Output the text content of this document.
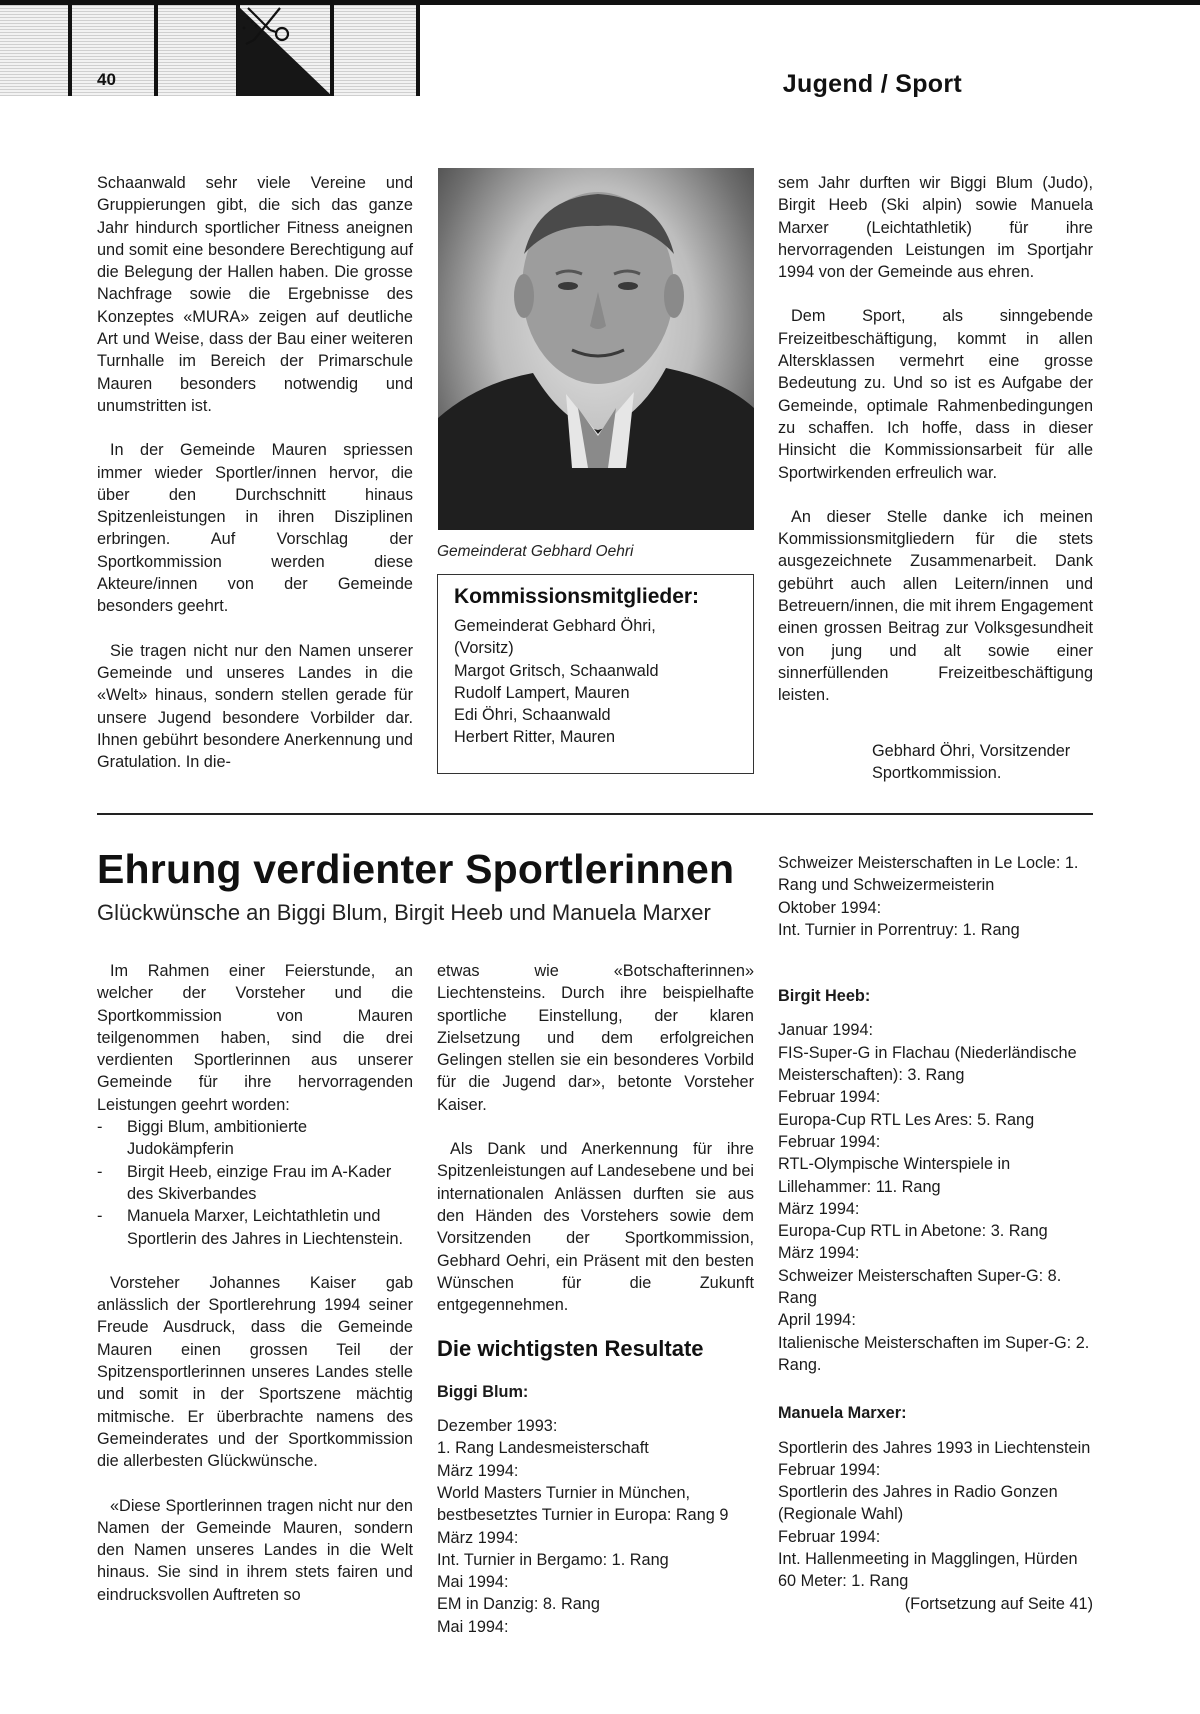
40	Jugend / Sport

Schaanwald sehr viele Vereine und Gruppierungen gibt, die sich das ganze Jahr hindurch sportlicher Fitness aneignen und somit eine besondere Berechtigung auf die Belegung der Hallen haben. Die grosse Nachfrage sowie die Ergebnisse des Konzeptes «MURA» zeigen auf deutliche Art und Weise, dass der Bau einer weiteren Turnhalle im Bereich der Primarschule Mauren besonders notwendig und unumstritten ist.

In der Gemeinde Mauren spriessen immer wieder Sportler/innen hervor, die über den Durchschnitt hinaus Spitzenleistungen in ihren Disziplinen erbringen. Auf Vorschlag der Sportkommission werden diese Akteure/innen von der Gemeinde besonders geehrt.

Sie tragen nicht nur den Namen unserer Gemeinde und unseres Landes in die «Welt» hinaus, sondern stellen gerade für unsere Jugend besondere Vorbilder dar. Ihnen gebührt besondere Anerkennung und Gratulation. In die-

Gemeinderat Gebhard Oehri
Kommissionsmitglieder:
Gemeinderat Gebhard Öhri,
(Vorsitz)
Margot Gritsch, Schaanwald
Rudolf Lampert, Mauren
Edi Öhri, Schaanwald
Herbert Ritter, Mauren

sem Jahr durften wir Biggi Blum (Judo), Birgit Heeb (Ski alpin) sowie Manuela Marxer (Leichtathletik) für ihre hervorragenden Leistungen im Sportjahr 1994 von der Gemeinde aus ehren.

Dem Sport, als sinngebende Freizeitbeschäftigung, kommt in allen Altersklassen vermehrt eine grosse Bedeutung zu. Und so ist es Aufgabe der Gemeinde, optimale Rahmenbedingungen zu schaffen. Ich hoffe, dass in dieser Hinsicht die Kommissionsarbeit für alle Sportwirkenden erfreulich war.

An dieser Stelle danke ich meinen Kommissionsmitgliedern für die stets ausgezeichnete Zusammenarbeit. Dank gebührt auch allen Leitern/innen und Betreuern/innen, die mit ihrem Engagement einen grossen Beitrag zur Volksgesundheit von jung und alt sowie einer sinnerfüllenden Freizeitbeschäftigung leisten.

Gebhard Öhri, Vorsitzender
Sportkommission.
Ehrung verdienter Sportlerinnen
Glückwünsche an Biggi Blum, Birgit Heeb und Manuela Marxer

Im Rahmen einer Feierstunde, an welcher der Vorsteher und die Sportkommission von Mauren teilgenommen haben, sind die drei verdienten Sportlerinnen aus unserer Gemeinde für ihre hervorragenden Leistungen geehrt worden:

- Biggi Blum, ambitionierte Judokämpferin
- Birgit Heeb, einzige Frau im A-Kader des Skiverbandes
- Manuela Marxer, Leichtathletin und Sportlerin des Jahres in Liechtenstein.

Vorsteher Johannes Kaiser gab anlässlich der Sportlerehrung 1994 seiner Freude Ausdruck, dass die Gemeinde Mauren einen grossen Teil der Spitzensportlerinnen unseres Landes stelle und somit in der Sportszene mächtig mitmische. Er überbrachte namens des Gemeinderates und der Sportkommission die allerbesten Glückwünsche.

«Diese Sportlerinnen tragen nicht nur den Namen der Gemeinde Mauren, sondern den Namen unseres Landes in die Welt hinaus. Sie sind in ihrem stets fairen und eindrucksvollen Auftreten so

etwas wie «Botschafterinnen» Liechtensteins. Durch ihre beispielhafte sportliche Einstellung, der klaren Zielsetzung und dem erfolgreichen Gelingen stellen sie ein besonderes Vorbild für die Jugend dar», betonte Vorsteher Kaiser.

Als Dank und Anerkennung für ihre Spitzenleistungen auf Landesebene und bei internationalen Anlässen durften sie aus den Händen des Vorstehers sowie dem Vorsitzenden der Sportkommission, Gebhard Oehri, ein Präsent mit den besten Wünschen für die Zukunft entgegennehmen.

Die wichtigsten Resultate
Biggi Blum:
Dezember 1993:
1. Rang Landesmeisterschaft
März 1994:
World Masters Turnier in München, bestbesetztes Turnier in Europa: Rang 9
März 1994:
Int. Turnier in Bergamo: 1. Rang
Mai 1994:
EM in Danzig: 8. Rang
Mai 1994:
Schweizer Meisterschaften in Le Locle: 1. Rang und Schweizermeisterin
Oktober 1994:
Int. Turnier in Porrentruy: 1. Rang
Birgit Heeb:
Januar 1994:
FIS-Super-G in Flachau (Niederländische Meisterschaften): 3. Rang
Februar 1994:
Europa-Cup RTL Les Ares: 5. Rang
Februar 1994:
RTL-Olympische Winterspiele in Lillehammer: 11. Rang
März 1994:
Europa-Cup RTL in Abetone: 3. Rang
März 1994:
Schweizer Meisterschaften Super-G: 8. Rang
April 1994:
Italienische Meisterschaften im Super-G: 2. Rang.
Manuela Marxer:
Sportlerin des Jahres 1993 in Liechtenstein
Februar 1994:
Sportlerin des Jahres in Radio Gonzen (Regionale Wahl)
Februar 1994:
Int. Hallenmeeting in Magglingen, Hürden 60 Meter: 1. Rang
(Fortsetzung auf Seite 41)
